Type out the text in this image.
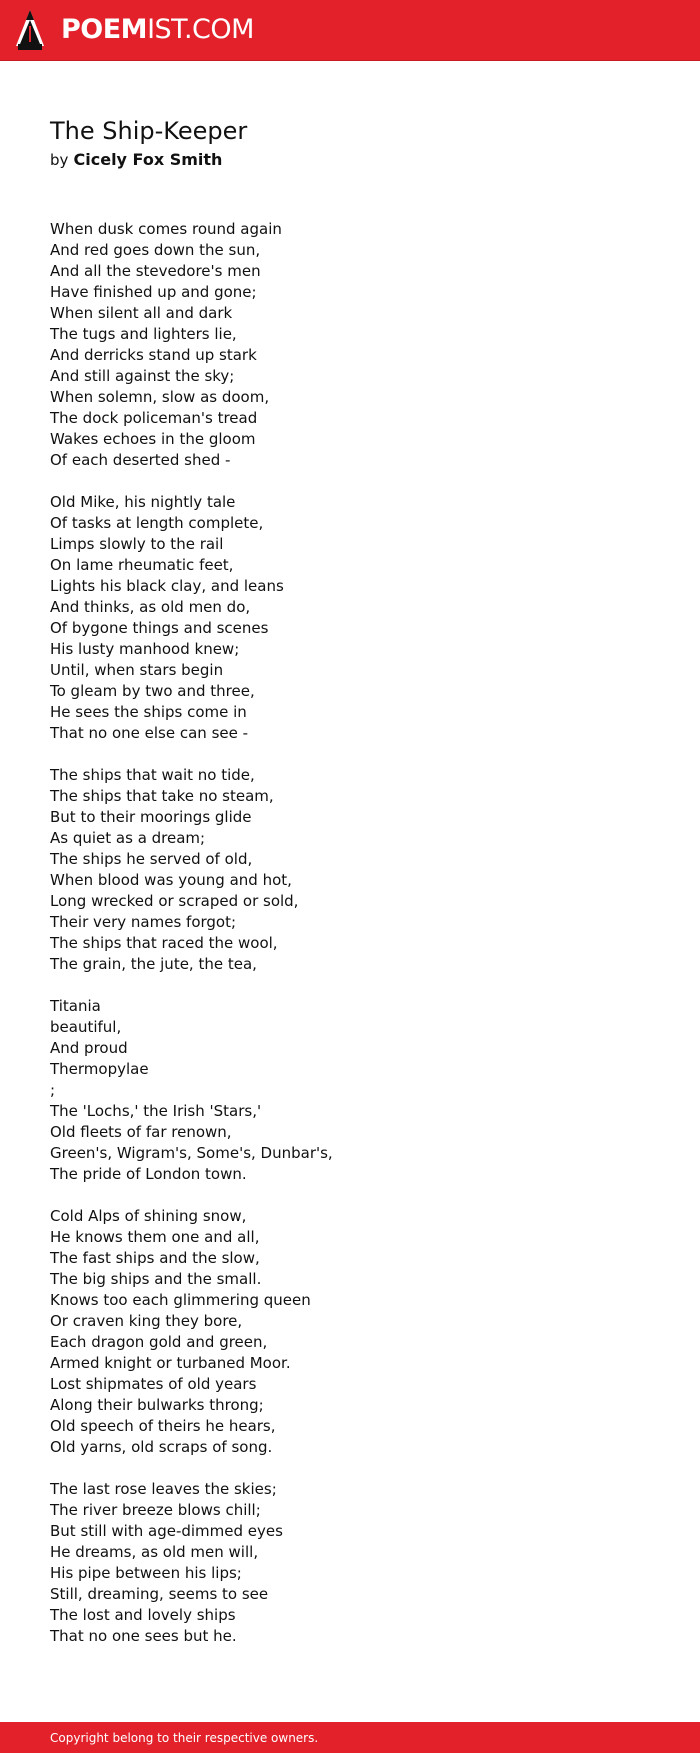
POEMIST.COM
The Ship-Keeper

by Cicely Fox Smith

When dusk comes round again
And red goes down the sun,
And all the stevedore's men
Have finished up and gone;
When silent all and dark
The tugs and lighters lie,
And derricks stand up stark
And still against the sky;
When solemn, slow as doom,
The dock policeman's tread
Wakes echoes in the gloom
Of each deserted shed -
Old Mike, his nightly tale
Of tasks at length complete,
Limps slowly to the rail
On lame rheumatic feet,
Lights his black clay, and leans
And thinks, as old men do,
Of bygone things and scenes
His lusty manhood knew;
Until, when stars begin
To gleam by two and three,
He sees the ships come in
That no one else can see -
The ships that wait no tide,
The ships that take no steam,
But to their moorings glide
As quiet as a dream;
The ships he served of old,
When blood was young and hot,
Long wrecked or scraped or sold,
Their very names forgot;
The ships that raced the wool,
The grain, the jute, the tea,
Titania
beautiful,
And proud
Thermopylae
;
The 'Lochs,' the Irish 'Stars,'
Old fleets of far renown,
Green's, Wigram's, Some's, Dunbar's,
The pride of London town.
Cold Alps of shining snow,
He knows them one and all,
The fast ships and the slow,
The big ships and the small.
Knows too each glimmering queen
Or craven king they bore,
Each dragon gold and green,
Armed knight or turbaned Moor.
Lost shipmates of old years
Along their bulwarks throng;
Old speech of theirs he hears,
Old yarns, old scraps of song.
The last rose leaves the skies;
The river breeze blows chill;
But still with age-dimmed eyes
He dreams, as old men will,
His pipe between his lips;
Still, dreaming, seems to see
The lost and lovely ships
That no one sees but he.
Copyright belong to their respective owners.
